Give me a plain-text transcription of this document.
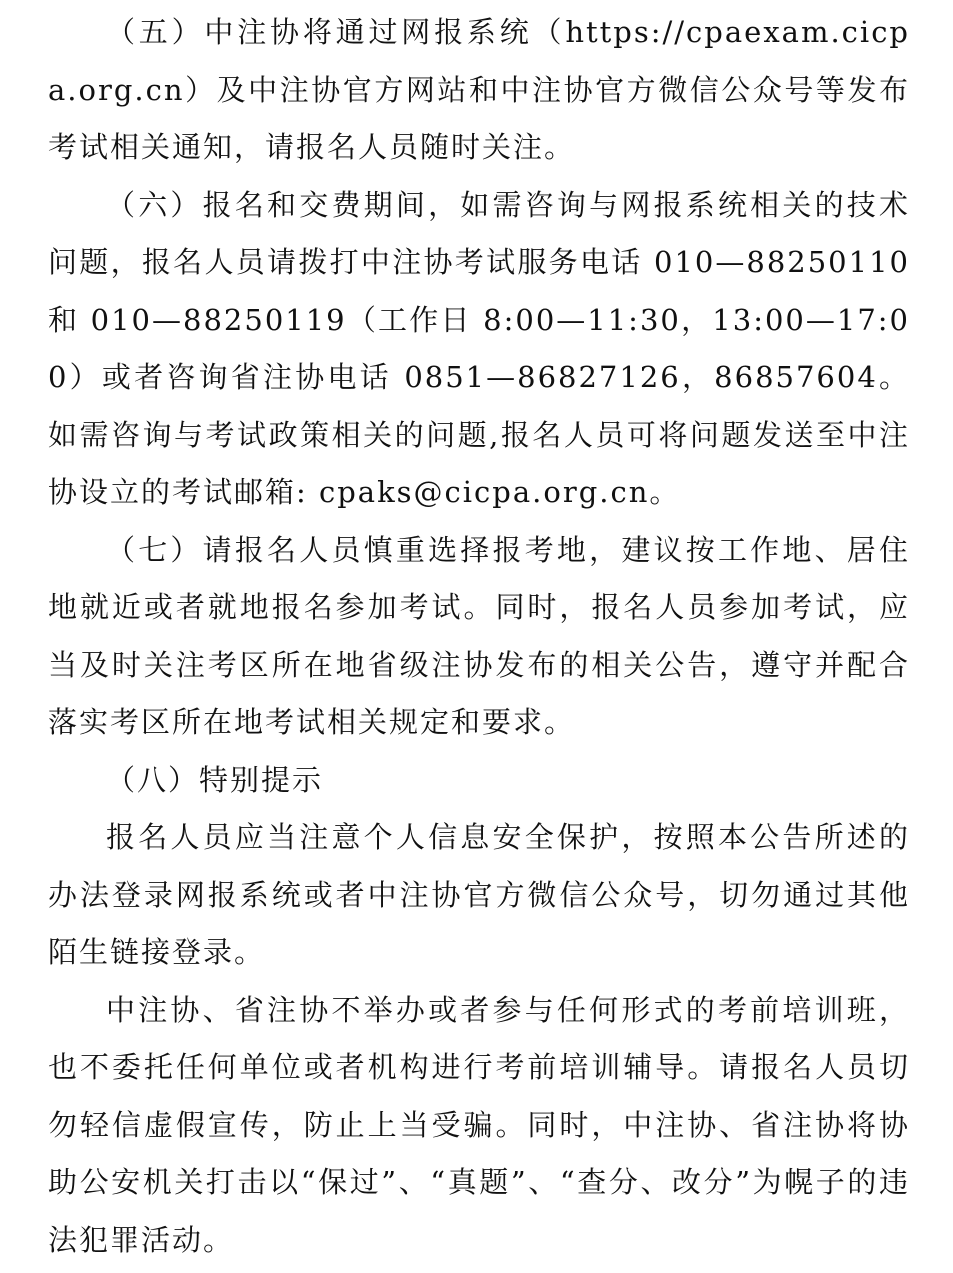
（五）中注协将通过网报系统（https://cpaexam.cicpa.org.cn）及中注协官方网站和中注协官方微信公众号等发布考试相关通知，请报名人员随时关注。

（六）报名和交费期间，如需咨询与网报系统相关的技术问题，报名人员请拨打中注协考试服务电话 010—88250110 和 010—88250119（工作日 8:00—11:30，13:00—17:00）或者咨询省注协电话 0851—86827126，86857604。如需咨询与考试政策相关的问题,报名人员可将问题发送至中注协设立的考试邮箱: cpaks@cicpa.org.cn。

（七）请报名人员慎重选择报考地，建议按工作地、居住地就近或者就地报名参加考试。同时，报名人员参加考试，应当及时关注考区所在地省级注协发布的相关公告，遵守并配合落实考区所在地考试相关规定和要求。

（八）特别提示

报名人员应当注意个人信息安全保护，按照本公告所述的办法登录网报系统或者中注协官方微信公众号，切勿通过其他陌生链接登录。

中注协、省注协不举办或者参与任何形式的考前培训班，也不委托任何单位或者机构进行考前培训辅导。请报名人员切勿轻信虚假宣传，防止上当受骗。同时，中注协、省注协将协助公安机关打击以“保过”、“真题”、“查分、改分”为幌子的违法犯罪活动。
